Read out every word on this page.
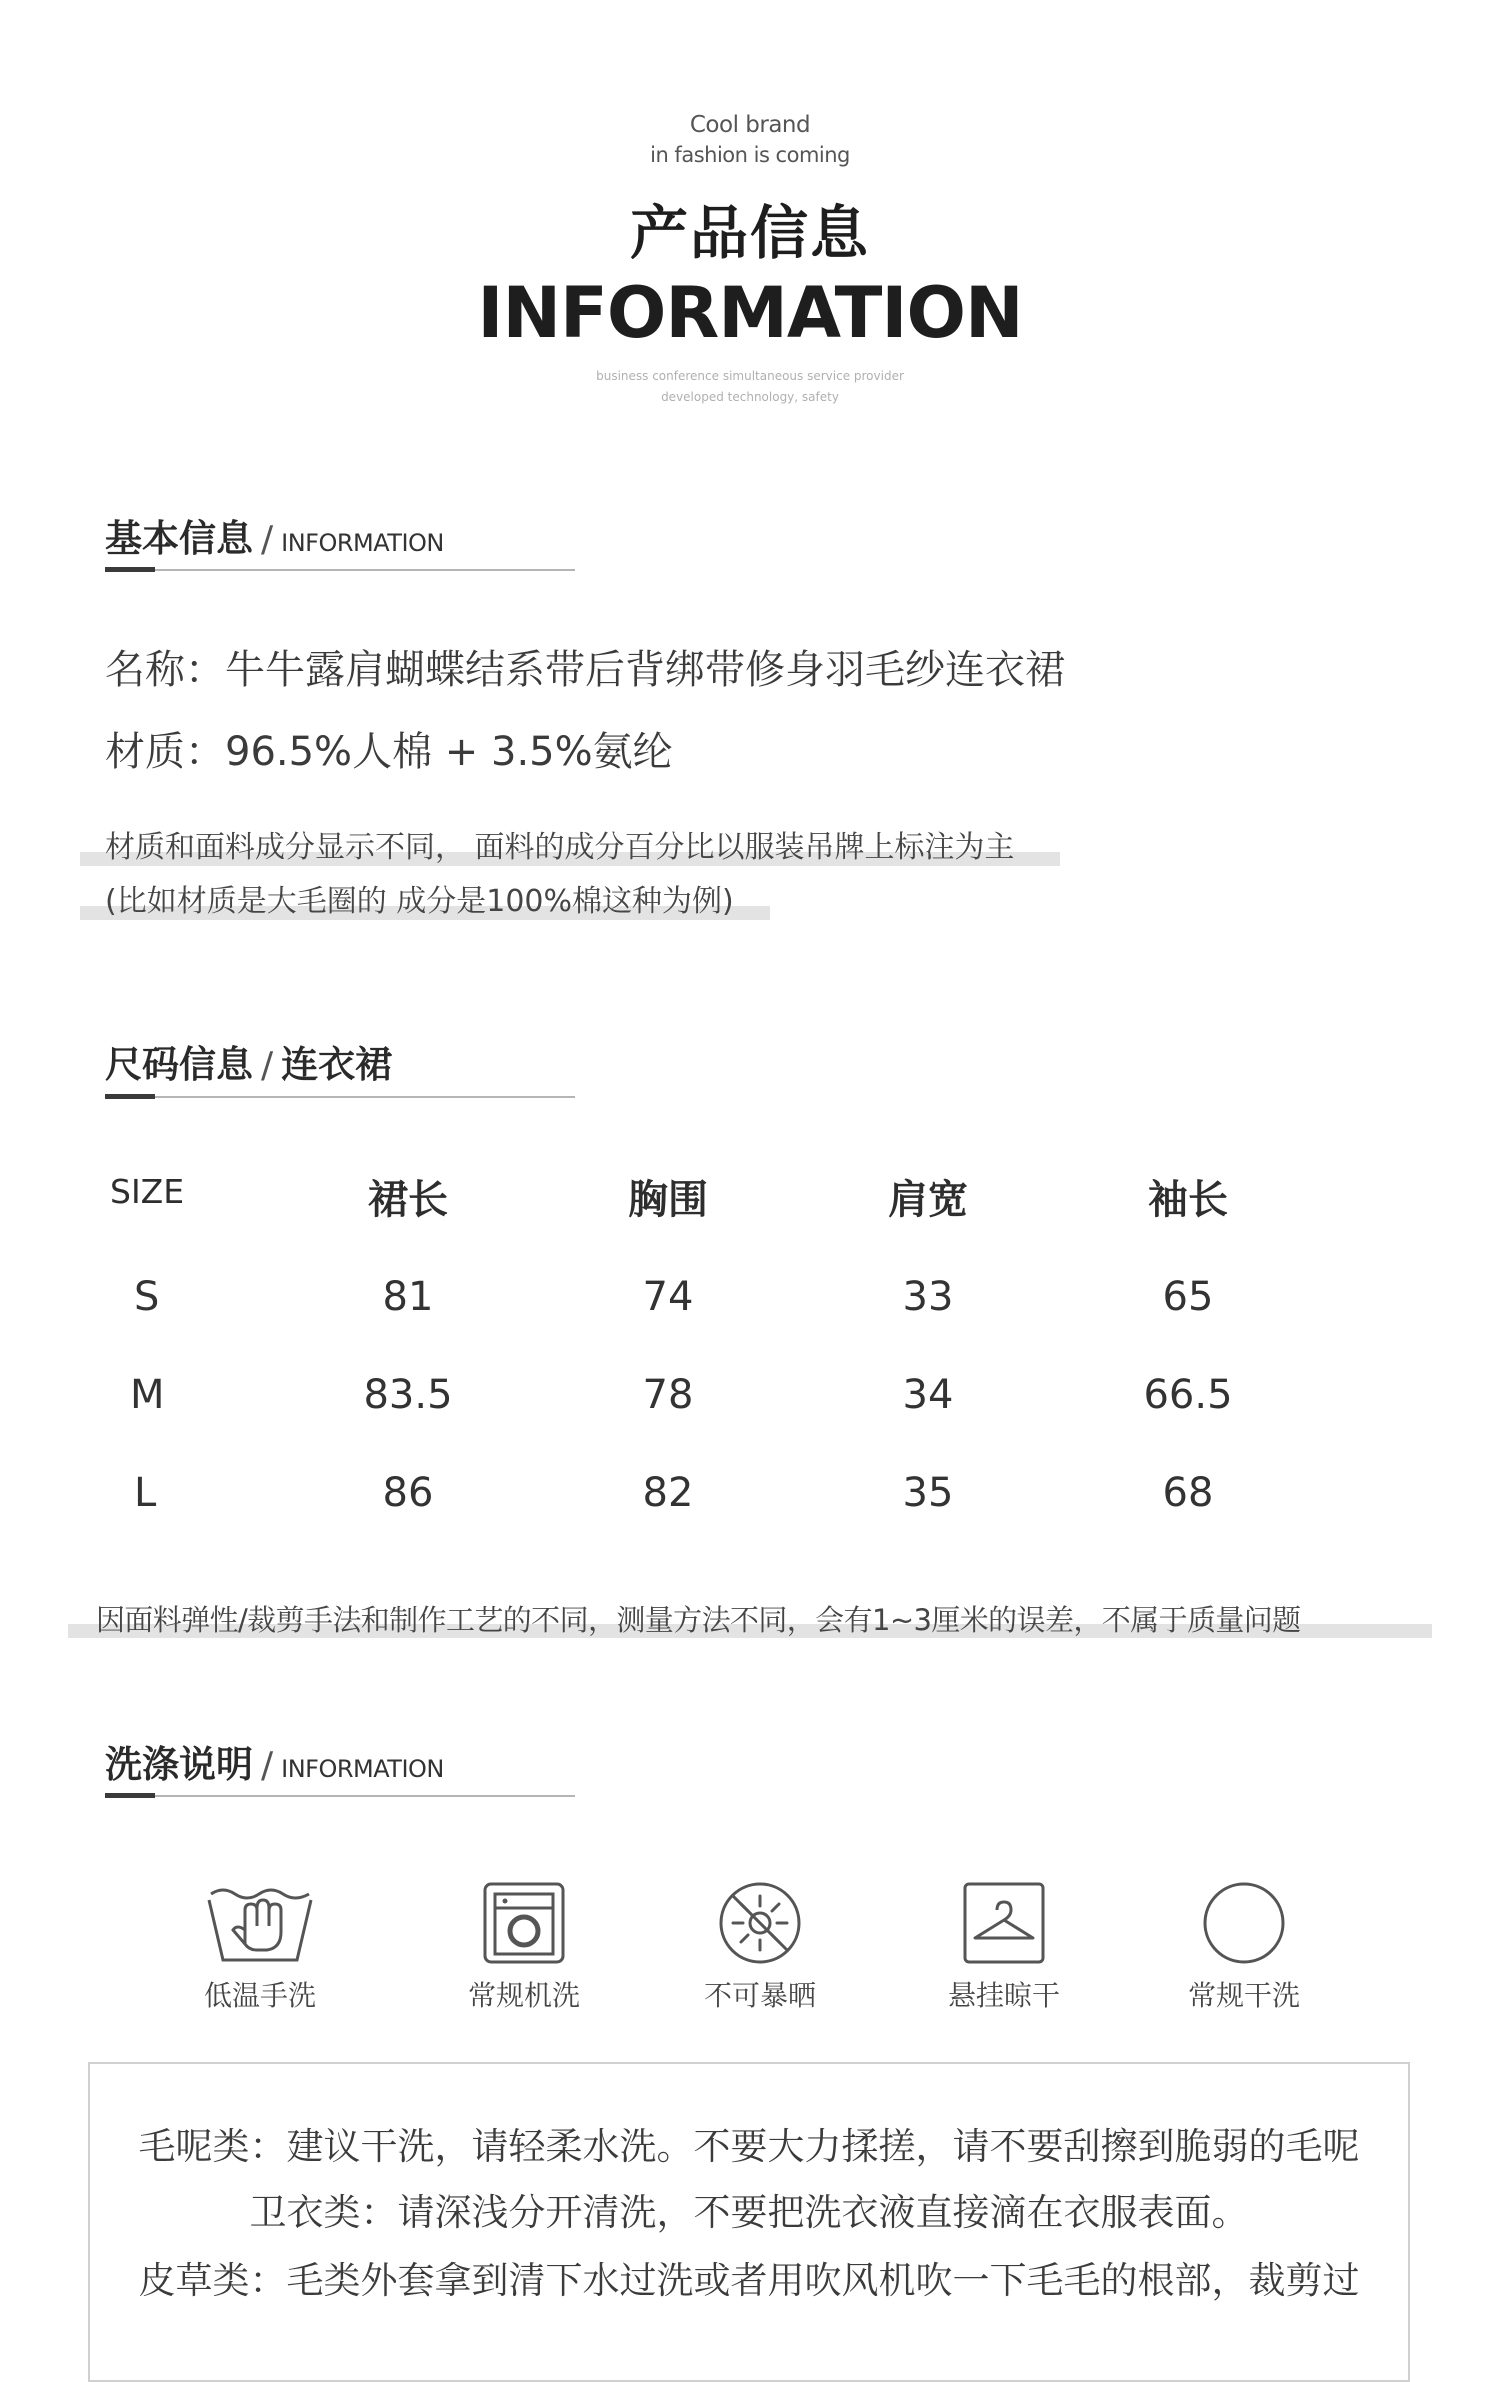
Cool brand
in fashion is coming
产品信息
INFORMATION
business conference simultaneous service provider
developed technology, safety
基本信息 / INFORMATION
名称：牛牛露肩蝴蝶结系带后背绑带修身羽毛纱连衣裙
材质：96.5%人棉 + 3.5%氨纶
材质和面料成分显示不同， 面料的成分百分比以服装吊牌上标注为主
(比如材质是大毛圈的 成分是100%棉这种为例)
尺码信息 / 连衣裙
SIZE	裙长	胸围	肩宽	袖长
S	81	74	33	65
M	83.5	78	34	66.5
L	86	82	35	68
因面料弹性/裁剪手法和制作工艺的不同，测量方法不同，会有1~3厘米的误差，不属于质量问题
洗涤说明 / INFORMATION
低温手洗	常规机洗	不可暴晒	悬挂晾干	常规干洗
毛呢类：建议干洗，请轻柔水洗。不要大力揉搓，请不要刮擦到脆弱的毛呢
卫衣类：请深浅分开清洗，不要把洗衣液直接滴在衣服表面。
皮草类：毛类外套拿到清下水过洗或者用吹风机吹一下毛毛的根部，裁剪过
